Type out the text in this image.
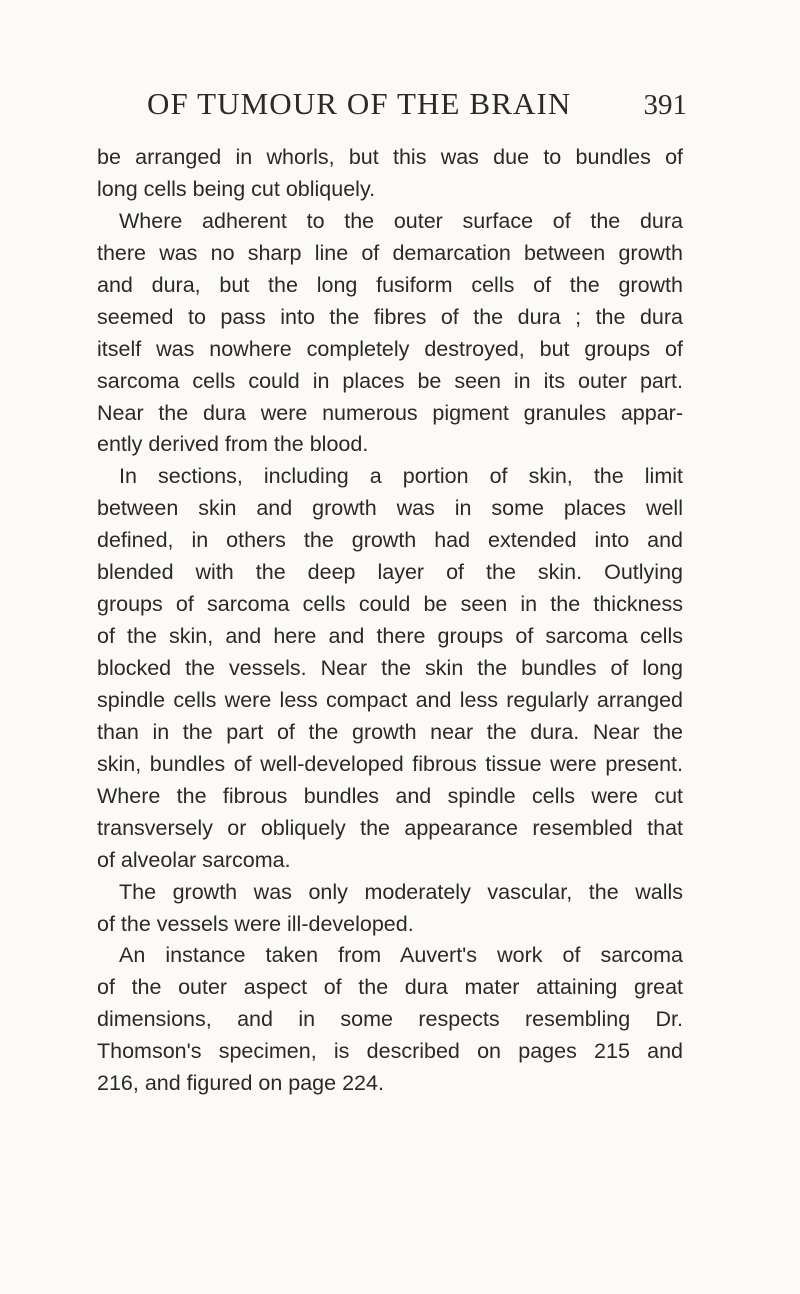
OF TUMOUR OF THE BRAIN 391
be arranged in whorls, but this was due to bundles of
long cells being cut obliquely.
Where adherent to the outer surface of the dura
there was no sharp line of demarcation between growth
and dura, but the long fusiform cells of the growth
seemed to pass into the fibres of the dura ; the dura
itself was nowhere completely destroyed, but groups of
sarcoma cells could in places be seen in its outer part.
Near the dura were numerous pigment granules appar-
ently derived from the blood.
In sections, including a portion of skin, the limit
between skin and growth was in some places well
defined, in others the growth had extended into and
blended with the deep layer of the skin. Outlying
groups of sarcoma cells could be seen in the thickness
of the skin, and here and there groups of sarcoma cells
blocked the vessels. Near the skin the bundles of long
spindle cells were less compact and less regularly arranged
than in the part of the growth near the dura. Near the
skin, bundles of well-developed fibrous tissue were present.
Where the fibrous bundles and spindle cells were cut
transversely or obliquely the appearance resembled that
of alveolar sarcoma.
The growth was only moderately vascular, the walls
of the vessels were ill-developed.
An instance taken from Auvert's work of sarcoma
of the outer aspect of the dura mater attaining great
dimensions, and in some respects resembling Dr.
Thomson's specimen, is described on pages 215 and
216, and figured on page 224.
